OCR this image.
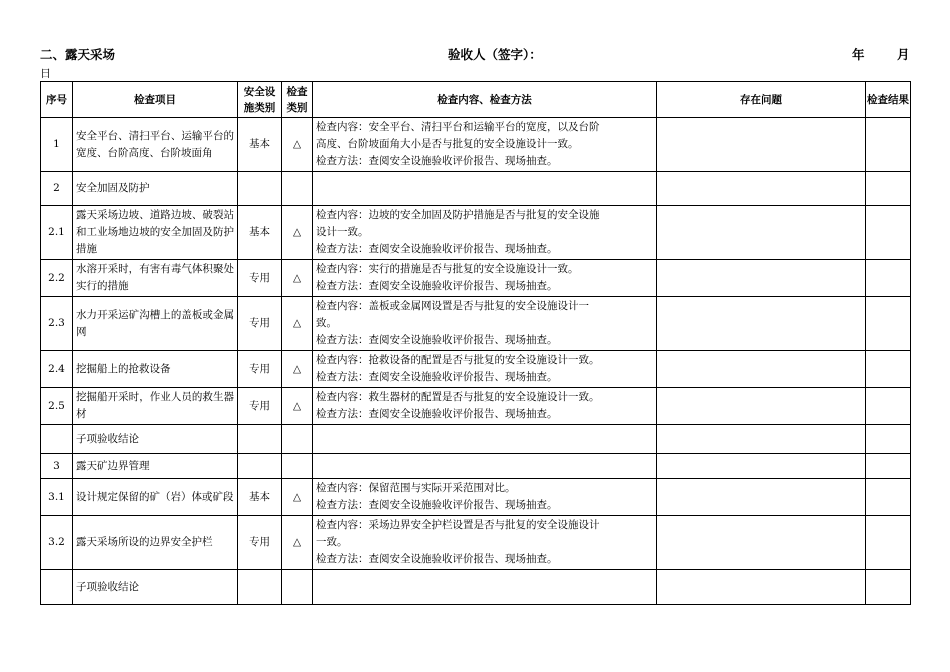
二、露天采场	验收人（签字）：	年	月
日
序号	检查项目	安全设施类别	检查类别	检查内容、检查方法	存在问题	检查结果
1	安全平台、清扫平台、运输平台的宽度、台阶高度、台阶坡面角	基本	△	检查内容：安全平台、清扫平台和运输平台的宽度，以及台阶
高度、台阶坡面角大小是否与批复的安全设施设计一致。
检查方法：查阅安全设施验收评价报告、现场抽查。		

2	安全加固及防护					
2.1	露天采场边坡、道路边坡、破裂站和工业场地边坡的安全加固及防护措施	基本	△	检查内容：边坡的安全加固及防护措施是否与批复的安全设施
设计一致。
检查方法：查阅安全设施验收评价报告、现场抽查。		

2.2	水溶开采时，有害有毒气体积聚处实行的措施	专用	△	检查内容：实行的措施是否与批复的安全设施设计一致。
检查方法：查阅安全设施验收评价报告、现场抽查。		

2.3	水力开采运矿沟槽上的盖板或金属网	专用	△	检查内容：盖板或金属网设置是否与批复的安全设施设计一
致。
检查方法：查阅安全设施验收评价报告、现场抽查。		

2.4	挖掘船上的抢救设备	专用	△	检查内容：抢救设备的配置是否与批复的安全设施设计一致。
检查方法：查阅安全设施验收评价报告、现场抽查。		

2.5	挖掘船开采时，作业人员的救生器材	专用	△	检查内容：救生器材的配置是否与批复的安全设施设计一致。
检查方法：查阅安全设施验收评价报告、现场抽查。		

	子项验收结论					
3	露天矿边界管理					
3.1	设计规定保留的矿（岩）体或矿段	基本	△	检查内容：保留范围与实际开采范围对比。
检查方法：查阅安全设施验收评价报告、现场抽查。		

3.2	露天采场所设的边界安全护栏	专用	△	检查内容：采场边界安全护栏设置是否与批复的安全设施设计
一致。
检查方法：查阅安全设施验收评价报告、现场抽查。		

	子项验收结论					
